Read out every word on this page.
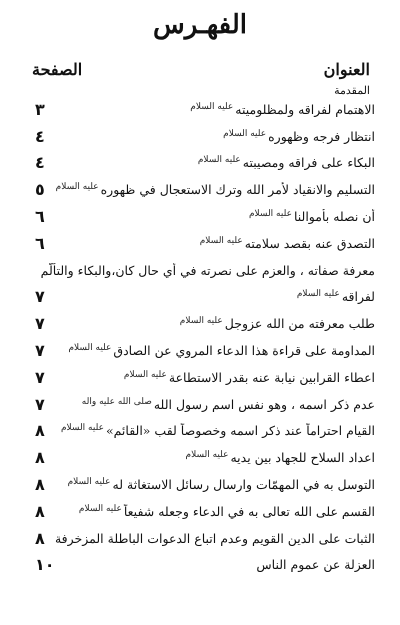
الفهـرس
العنوان
الصفحة
المقدمة
الاهتمام لفراقه ولمظلوميتهعليه السلام
٣
انتظار فرجه وظهورهعليه السلام
٤
البكاء على فراقه ومصيبتهعليه السلام
٤
التسليم والانقياد لأمر الله وترك الاستعجال في ظهورهعليه السلام
٥
أن نصله بأموالناعليه السلام
٦
التصدق عنه بقصد سلامتهعليه السلام
٦
معرفة صفاته ، والعزم على نصرته في أي حال كان،والبكاء والتألّم
لفراقهعليه السلام
٧
طلب معرفته من الله عزوجلعليه السلام
٧
المداومة على قراءة هذا الدعاء المروي عن الصادقعليه السلام
٧
اعطاء القرابين نيابة عنه بقدر الاستطاعةعليه السلام
٧
عدم ذكر اسمه ، وهو نفس اسم رسول اللهصلى الله عليه وآله
٧
القيام احتراماً عند ذكر اسمه وخصوصاً لقب «القائم»عليه السلام
٨
اعداد السلاح للجهاد بين يديهعليه السلام
٨
التوسل به في المهمّات وارسال رسائل الاستغاثة لهعليه السلام
٨
القسم على الله تعالى به في الدعاء وجعله شفيعاًعليه السلام
٨
الثبات على الدين القويم وعدم اتباع الدعوات الباطلة المزخرفة
٨
العزلة عن عموم الناس
١٠
